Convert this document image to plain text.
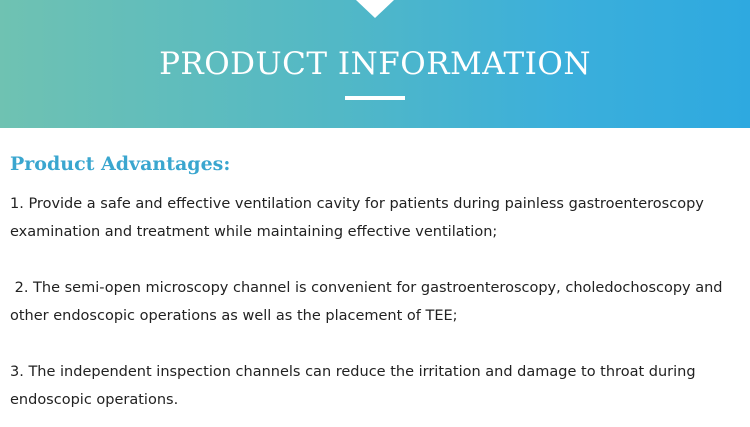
PRODUCT INFORMATION
Product Advantages:

1. Provide a safe and effective ventilation cavity for patients during painless gastroenteroscopy examination and treatment while maintaining effective ventilation;

2. The semi-open microscopy channel is convenient for gastroenteroscopy, choledochoscopy and other endoscopic operations as well as the placement of TEE;

3. The independent inspection channels can reduce the irritation and damage to throat during endoscopic operations.
